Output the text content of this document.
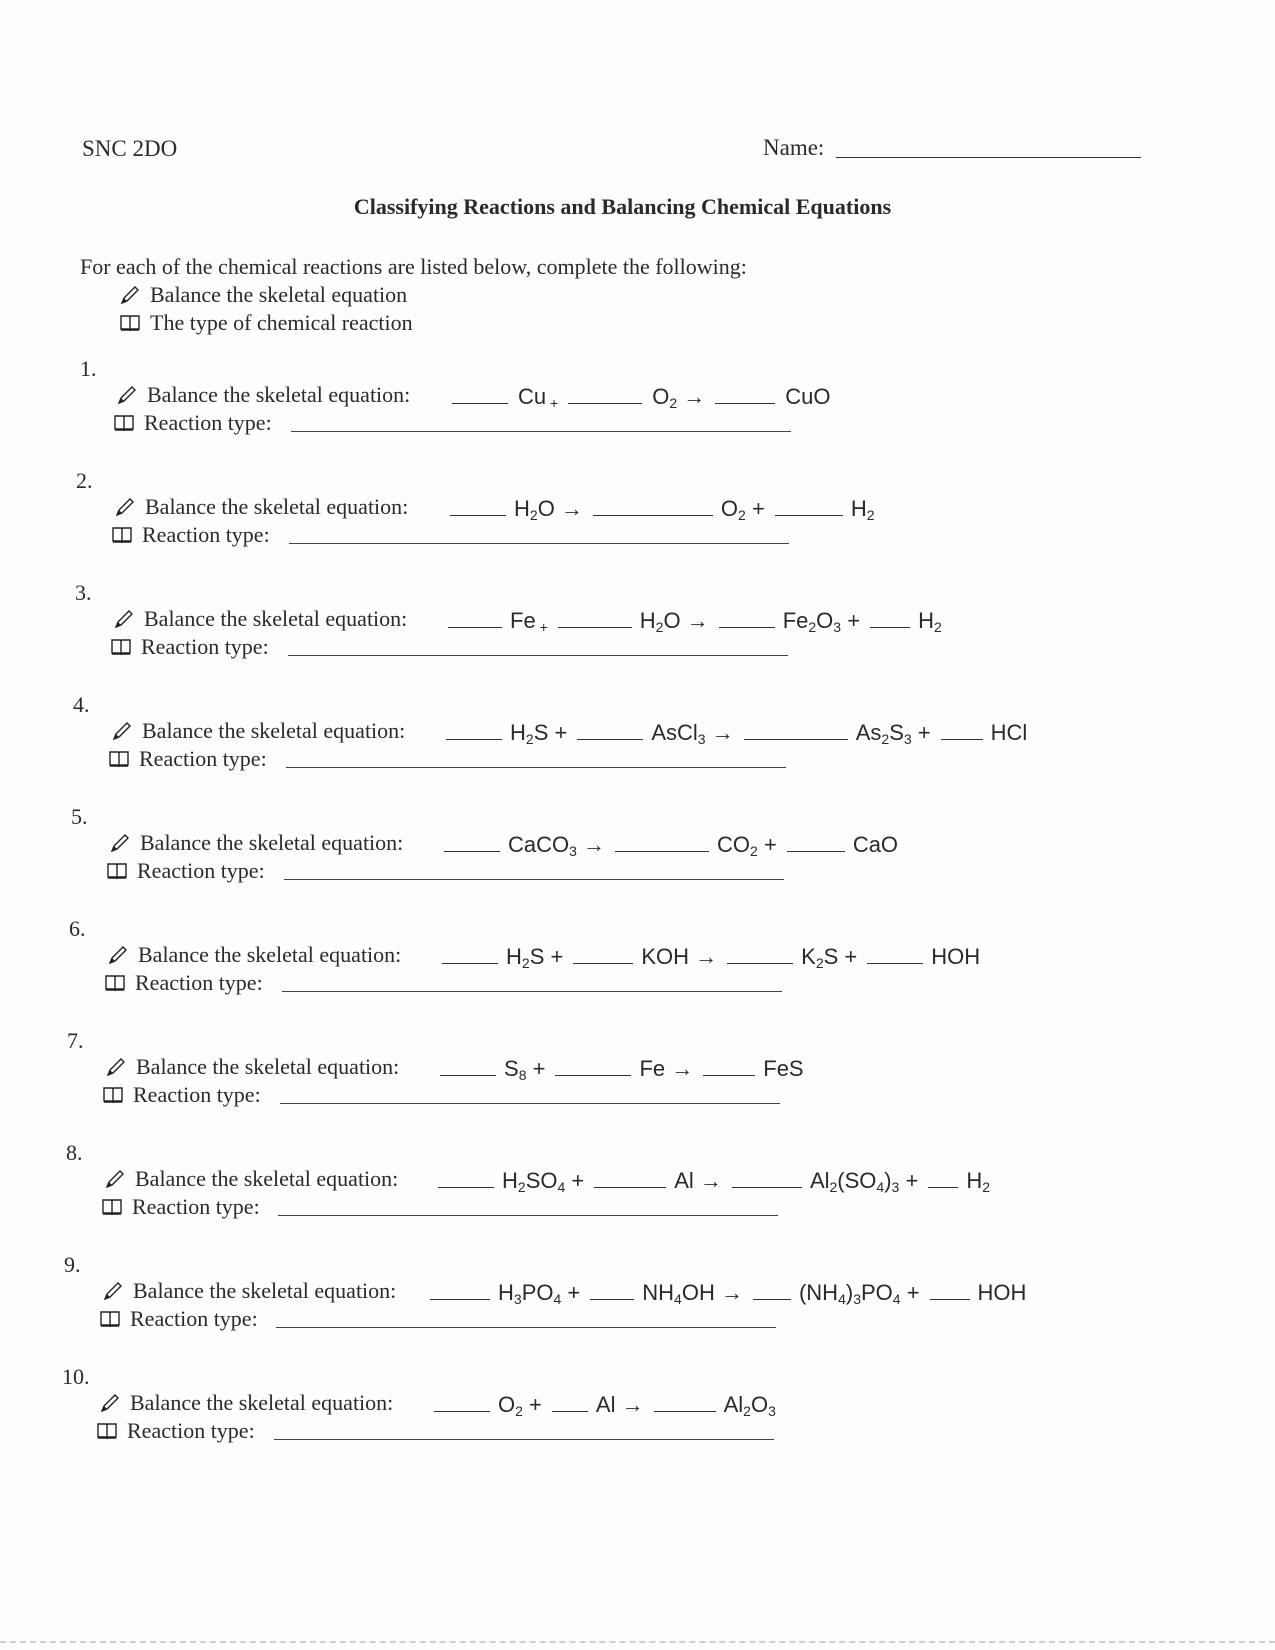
SNC 2DO	Name:
Classifying Reactions and Balancing Chemical Equations
For each of the chemical reactions are listed below, complete the following:
Balance the skeletal equation
The type of chemical reaction
1.
Balance the skeletal equation:	Cu $_+$	$O_2$ →	CuO
Reaction type:
2.
Balance the skeletal equation:	$H_2O$ →	$O_2$ +	$H_2$
Reaction type:
3.
Balance the skeletal equation:	Fe $_+$	$H_2O$ →	$Fe_2O_3$ +	$H_2$
Reaction type:
4.
Balance the skeletal equation:	$H_2S$ +	AsCl$_3$ →	$As_2S_3$ +	HCl
Reaction type:
5.
Balance the skeletal equation:	CaCO$_3$ →	$CO_2$ +	CaO
Reaction type:
6.
Balance the skeletal equation:	$H_2S$ +	KOH →	$K_2S$ +	HOH
Reaction type:
7.
Balance the skeletal equation:	$S_8$ +	Fe →	FeS
Reaction type:
8.
Balance the skeletal equation:	$H_2SO_4$ +	Al →	$Al_2(SO_4)_3 + H_2$
Reaction type:
9.
Balance the skeletal equation:	$H_3PO_4$ +	$NH_4OH$ →	$(NH_4)_3PO_4$ +	HOH
Reaction type:
10.
Balance the skeletal equation:	$O_2 + Al$ →	$Al_2O_3$
Reaction type:
